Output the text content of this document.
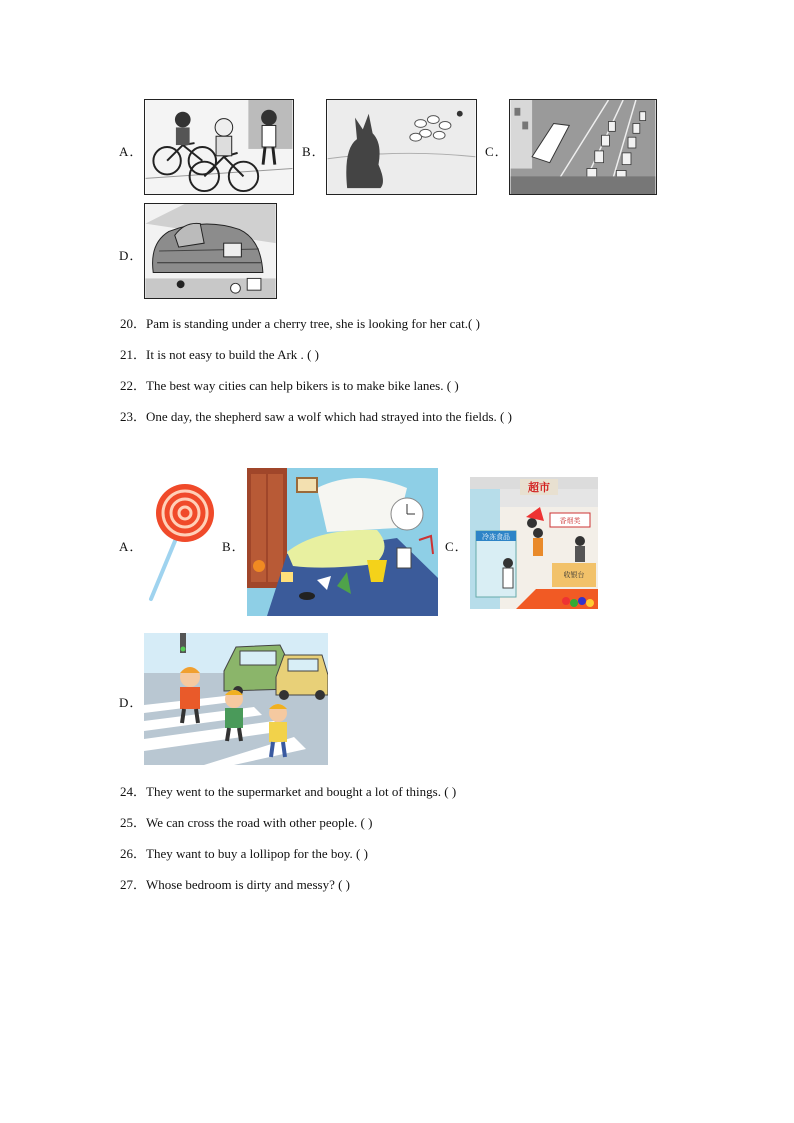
A．	B．	C．
D．
20．Pam is standing under a cherry tree, she is looking for her cat.( )
21．It is not easy to build the Ark . ( )
22．The best way cities can help bikers is to make bike lanes. ( )
23．One day, the shepherd saw a wolf which had strayed into the fields. ( )
A．	B．	C．
超市
冷冻食品
香烟类
收银台
D．
24．They went to the supermarket and bought a lot of things. ( )
25．We can cross the road with other people. ( )
26．They want to buy a lollipop for the boy. ( )
27．Whose bedroom is dirty and messy? ( )
